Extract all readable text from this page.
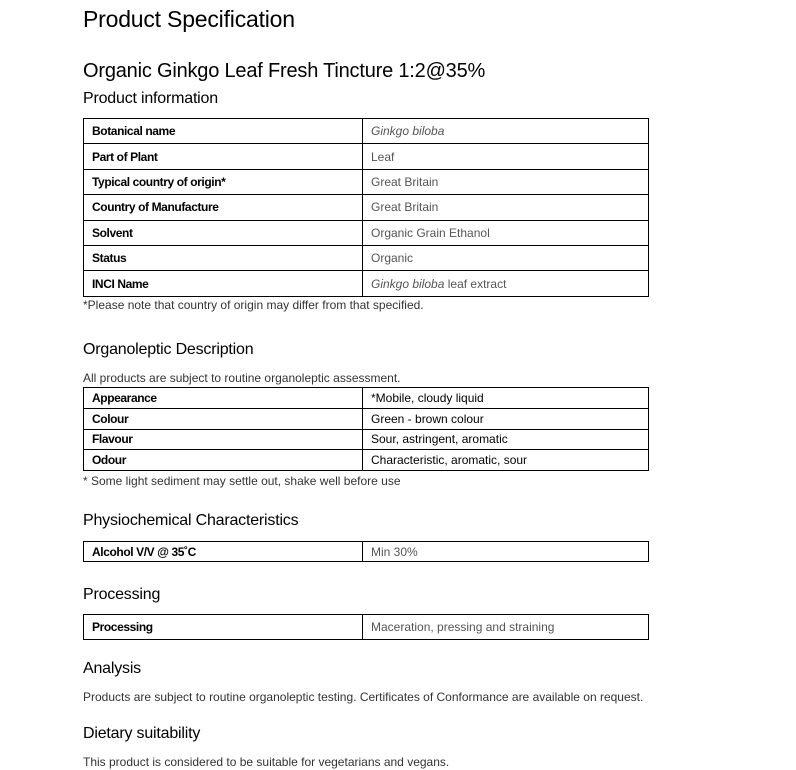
Product Specification
Organic Ginkgo Leaf Fresh Tincture 1:2@35%
Product information
Botanical name	Ginkgo biloba
Part of Plant	Leaf
Typical country of origin*	Great Britain
Country of Manufacture	Great Britain
Solvent	Organic Grain Ethanol
Status	Organic
INCI Name	Ginkgo biloba leaf extract
*Please note that country of origin may differ from that specified.
Organoleptic Description
All products are subject to routine organoleptic assessment.
Appearance	*Mobile, cloudy liquid
Colour	Green - brown colour
Flavour	Sour, astringent, aromatic
Odour	Characteristic, aromatic, sour
* Some light sediment may settle out, shake well before use
Physiochemical Characteristics
Alcohol V/V @ 35˚C	Min 30%
Processing
Processing	Maceration, pressing and straining
Analysis
Products are subject to routine organoleptic testing. Certificates of Conformance are available on request.
Dietary suitability
This product is considered to be suitable for vegetarians and vegans.
